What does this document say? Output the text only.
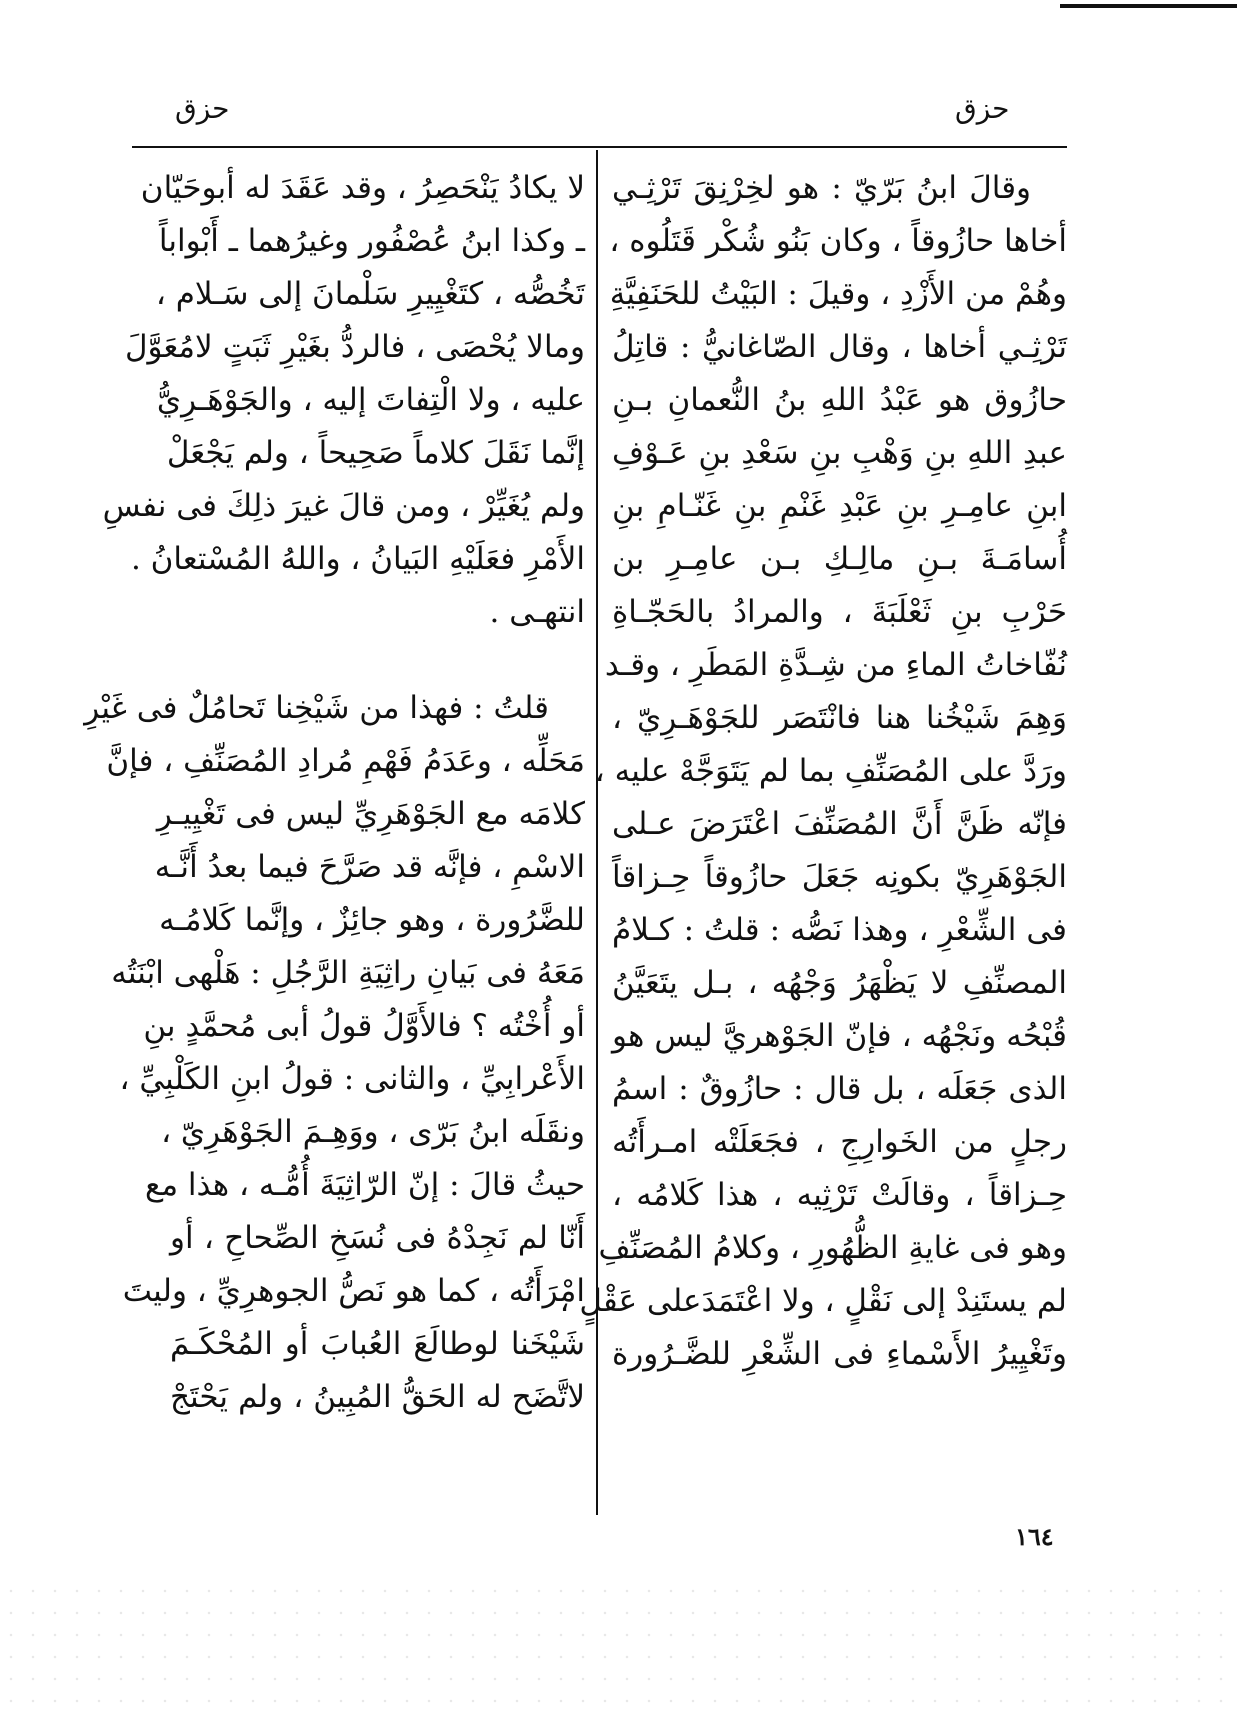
حزق	حزق
وقالَ ابنُ بَرّيّ : هو لخِرْنِقَ تَرْثِـي
أخاها حازُوقاً ، وكان بَنُو شُكْر قَتَلُوه ،
وهُمْ من الأَزْدِ ، وقيلَ : البَيْتُ للحَنَفِيَّةِ
تَرْثِـي أخاها ، وقال الصّاغانيُّ : قاتِلُ
حازُوق هو عَبْدُ اللهِ بنُ النُّعمانِ بـنِ
عبدِ اللهِ بنِ وَهْبِ بنِ سَعْدِ بنِ عَـوْفِ
ابنِ عامِـرِ بنِ عَبْدِ غَنْمِ بنِ غَنّـامِ بنِ
أُسامَـةَ بـنِ مالِـكِ بـن عامِـرِ بن
حَرْبِ بنِ ثَعْلَبَةَ ، والمرادُ بالحَجّـاةِ
نُفّاخاتُ الماءِ من شِـدَّةِ المَطَرِ ، وقـد
وَهِمَ شَيْخُنا هنا فانْتَصَر للجَوْهَـرِيّ ،
ورَدَّ على المُصَنِّفِ بما لم يَتَوَجَّهْ عليه ،
فإنّه ظَنَّ أَنَّ المُصَنِّفَ اعْتَرَضَ عـلى
الجَوْهَرِيّ بكونِه جَعَلَ حازُوقاً حِـزاقاً
فى الشِّعْرِ ، وهذا نَصُّه : قلتُ : كـلامُ
المصنِّفِ لا يَظْهَرُ وَجْهُه ، بـل يتَعَيَّنُ
قُبْحُه ونَجْهُه ، فإنّ الجَوْهريَّ ليس هو
الذى جَعَلَه ، بل قال : حازُوقٌ : اسمُ
رجلٍ من الخَوارِجِ ، فجَعَلَتْه امـرأَتُه
حِـزاقاً ، وقالَتْ تَرْثِيه ، هذا كَلامُه ،
وهو فى غايةِ الظُّهُورِ ، وكلامُ المُصَنِّفِ
لم يستَنِدْ إلى نَقْلٍ ، ولا اعْتَمَدَعلى عَقْلٍ ،
وتَغْيِيرُ الأَسْماءِ فى الشِّعْرِ للضَّـرُورة
لا يكادُ يَنْحَصِرُ ، وقد عَقَدَ له أبوحَيّان
ـ وكذا ابنُ عُصْفُور وغيرُهما ـ أَبْواباً
تَخُصُّه ، كتَغْيِيرِ سَلْمانَ إلى سَـلام ،
ومالا يُحْصَى ، فالردُّ بغَيْرِ ثَبَتٍ لامُعَوَّلَ
عليه ، ولا الْتِفاتَ إليه ، والجَوْهَـرِيُّ
إنَّما نَقَلَ كلاماً صَحِيحاً ، ولم يَجْعَلْ
ولم يُغَيِّرْ ، ومن قالَ غيرَ ذلِكَ فى نفسِ
الأَمْرِ فعَلَيْهِ البَيانُ ، واللهُ المُسْتعانُ .
انتهـى .
قلتُ : فهذا من شَيْخِنا تَحامُلٌ فى غَيْرِ
مَحَلِّه ، وعَدَمُ فَهْمِ مُرادِ المُصَنِّفِ ، فإنَّ
كلامَه مع الجَوْهَرِيِّ ليس فى تَغْيِيـرِ
الاسْمِ ، فإنَّه قد صَرَّحَ فيما بعدُ أَنَّـه
للضَّرُورة ، وهو جائِزٌ ، وإنَّما كَلامُـه
مَعَهُ فى بَيانِ راثِيَةِ الرَّجُلِ : هَلْهى ابْنَتُه
أو أُخْتُه ؟ فالأَوَّلُ قولُ أبى مُحمَّدٍ بنِ
الأَعْرابِيِّ ، والثانى : قولُ ابنِ الكَلْبِيِّ ،
ونقَلَه ابنُ بَرّى ، ووَهِـمَ الجَوْهَرِيّ ،
حيثُ قالَ : إنّ الرّاثِيَةَ أُمُّـه ، هذا مع
أَنّا لم نَجِدْهُ فى نُسَخِ الصِّحاحِ ، أو
امْرَأَتُه ، كما هو نَصُّ الجوهرِيِّ ، وليتَ
شَيْخَنا لوطالَعَ العُبابَ أو المُحْكَـمَ
لاتَّضَح له الحَقُّ المُبِينُ ، ولم يَحْتَجْ
١٦٤
